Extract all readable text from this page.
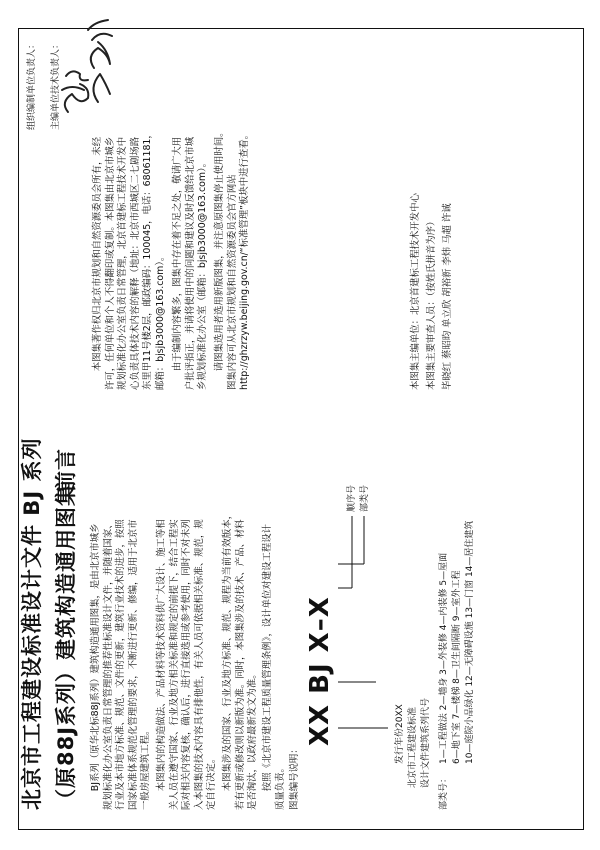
北京市工程建设标准设计文件 BJ 系列 （原88J系列）建筑构造通用图集
前言
BJ系列（原华北标88J系列）建筑构造通用图集，是由北京市城乡 规划标准化办公室负责日常管理的推荐性标准设计文件，并随着国家、 行业及本市地方标准、规范、文件的更新，建筑行业技术的进步，按照 国家标准体系规范化管理的要求，不断进行更新、修编，适用于北京市 一般房屋建筑工程。 本图集内的构造做法、产品材料等技术资料供广大设计、施工等相 关人员在遵守国家、行业及地方相关标准和规定的前提下，结合工程实 际对相关内容复核，确认后，进行直接选用或参考使用，同时不对未列 入本图集的技术内容具有排他性，有关人员可依据相关标准、规范，规 定自行决定。 本图集涉及的国家、行业及地方标准、规范、规程为当前有效版本， 若有更新或修改则以新版为准。同时，本图集涉及的技术、产品、材料 是否淘汰，以政府最新发文为准。 按照《北京市建设工程质量管理条例》，设计单位对建设工程设计 质量负责。 图集编号说明：
XX BJ X–X
顺序号 部类号
发行年份20XX 北京市工程建设标准 设计文件建筑系列代号
部类号：
1—工程做法 2—墙身 3—外装修 4—内装修 5—屋面 6—地下室 7—楼梯 8—卫生间隔断 9—室外工程 10—庭院小品绿化 12—无障碍设施 13—门窗 14—居住建筑
本图集著作权归北京市规划和自然资源委员会所有，未经 许可，任何单位和个人不得翻印或复制。本图集由北京市城乡 规划标准化办公室负责日常管理，北京首建标工程技术开发中 心负责具体技术内容的解释（地址：北京市西城区二七剧场路 东里甲11号楼2层，邮政编码：100045，电话：68061181， 邮箱：bjsjb3000@163.com）。 由于编制内容繁多，图集中存在着不足之处，敬请广大用 户批评指正，并请将使用中的问题和建议及时反馈给北京市城 乡规划标准化办公室（邮箱：bjsjb3000@163.com）。 请图集选用者选用新版图集，并注意原图集停止使用时间。 图集内容可从北京市规划和自然资源委员会官方网站 http://ghzrzyw.beijing.gov.cn/“标准管理”板块中进行查看。	本图集主编单位：北京首建标工程技术开发中心 本图集主要审查人员：（按姓氏拼音为序） 毕晓红 蔡昭昀 单立欣 胡裕新 李炜 马超 许诚
组织编制单位负责人：	主编单位技术负责人：
